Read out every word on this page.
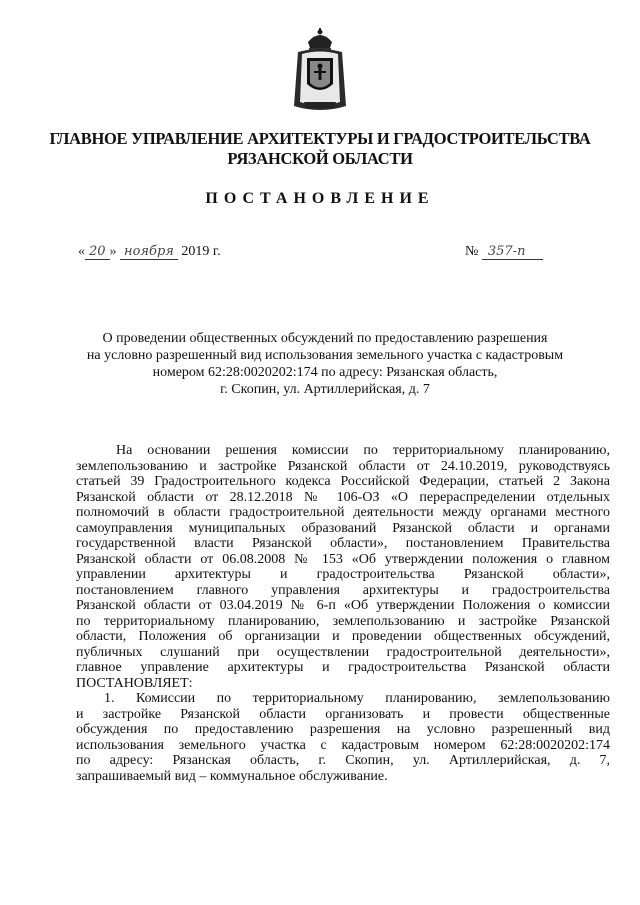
ГЛАВНОЕ УПРАВЛЕНИЕ АРХИТЕКТУРЫ И ГРАДОСТРОИТЕЛЬСТВА
РЯЗАНСКОЙ ОБЛАСТИ
ПОСТАНОВЛЕНИЕ
« 20 » ноября 2019 г.	№ 357-п
О проведении общественных обсуждений по предоставлению разрешения
на условно разрешенный вид использования земельного участка с кадастровым
номером 62:28:0020202:174 по адресу: Рязанская область,
г. Скопин, ул. Артиллерийская, д. 7
На основании решения комиссии по территориальному планированию,
землепользованию и застройке Рязанской области от 24.10.2019, руководствуясь
статьей 39 Градостроительного кодекса Российской Федерации, статьей 2 Закона
Рязанской области от 28.12.2018 № 106-ОЗ «О перераспределении отдельных
полномочий в области градостроительной деятельности между органами местного
самоуправления муниципальных образований Рязанской области и органами
государственной власти Рязанской области», постановлением Правительства
Рязанской области от 06.08.2008 № 153 «Об утверждении положения о главном
управлении архитектуры и градостроительства Рязанской области»,
постановлением главного управления архитектуры и градостроительства
Рязанской области от 03.04.2019 № 6-п «Об утверждении Положения о комиссии
по территориальному планированию, землепользованию и застройке Рязанской
области, Положения об организации и проведении общественных обсуждений,
публичных слушаний при осуществлении градостроительной деятельности»,
главное управление архитектуры и градостроительства Рязанской области
ПОСТАНОВЛЯЕТ:
1. Комиссии по территориальному планированию, землепользованию
и застройке Рязанской области организовать и провести общественные
обсуждения по предоставлению разрешения на условно разрешенный вид
использования земельного участка с кадастровым номером 62:28:0020202:174
по адресу: Рязанская область, г. Скопин, ул. Артиллерийская, д. 7,
запрашиваемый вид – коммунальное обслуживание.
